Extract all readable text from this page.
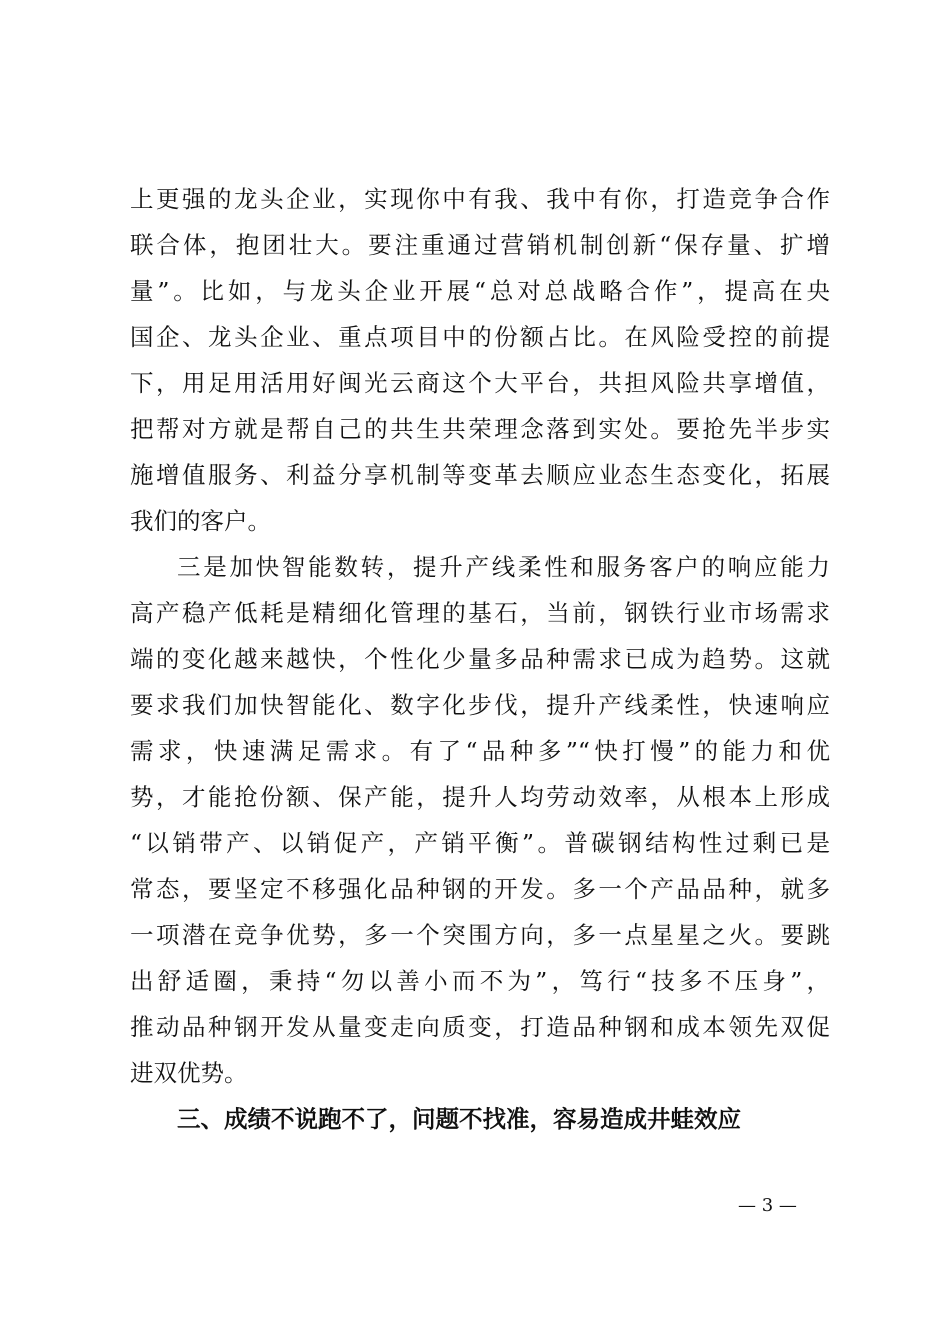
上更强的龙头企业，实现你中有我、我中有你，打造竞争合作
联合体，抱团壮大。要注重通过营销机制创新“保存量、扩增
量”。比如，与龙头企业开展“总对总战略合作”，提高在央
国企、龙头企业、重点项目中的份额占比。在风险受控的前提
下，用足用活用好闽光云商这个大平台，共担风险共享增值，
把帮对方就是帮自己的共生共荣理念落到实处。要抢先半步实
施增值服务、利益分享机制等变革去顺应业态生态变化，拓展
我们的客户。
三是加快智能数转，提升产线柔性和服务客户的响应能力
高产稳产低耗是精细化管理的基石，当前，钢铁行业市场需求
端的变化越来越快，个性化少量多品种需求已成为趋势。这就
要求我们加快智能化、数字化步伐，提升产线柔性，快速响应
需求，快速满足需求。有了“品种多”“快打慢”的能力和优
势，才能抢份额、保产能，提升人均劳动效率，从根本上形成
“以销带产、以销促产，产销平衡”。普碳钢结构性过剩已是
常态，要坚定不移强化品种钢的开发。多一个产品品种，就多
一项潜在竞争优势，多一个突围方向，多一点星星之火。要跳
出舒适圈，秉持“勿以善小而不为”，笃行“技多不压身”，
推动品种钢开发从量变走向质变，打造品种钢和成本领先双促
进双优势。
三、成绩不说跑不了，问题不找准，容易造成井蛙效应
— 3 —
